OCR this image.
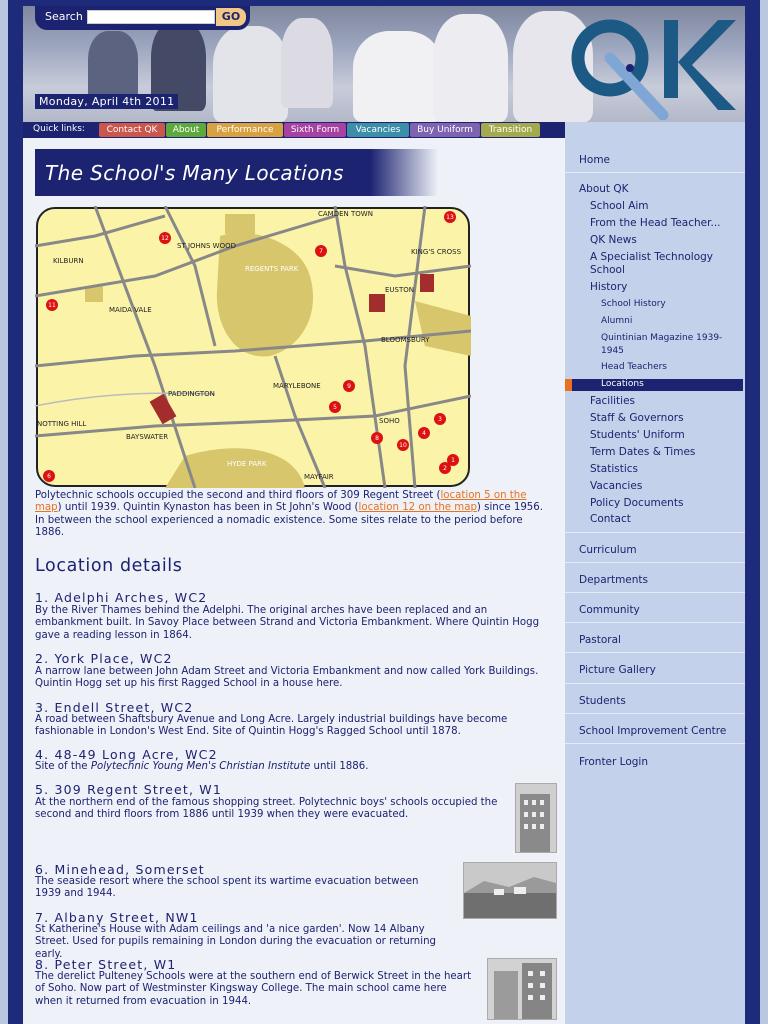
Search	GO
Monday, April 4th 2011
QK
Quick links:	Contact QK	About	Performance	Sixth Form	Vacancies	Buy Uniform	Transition
The School's Many Locations
CAMDEN TOWN
KILBURN
ST JOHNS WOOD
REGENTS PARK
KING'S CROSS
EUSTON
MAIDA VALE
BLOOMSBURY
PADDINGTON
MARYLEBONE
NOTTING HILL
BAYSWATER
SOHO
HYDE PARK
MAYFAIR
1
2
3
4
5
6
7
8
9
10
11
12
13
Polytechnic schools occupied the second and third floors of 309 Regent Street (location 5 on the map) until 1939. Quintin Kynaston has been in St John's Wood (location 12 on the map) since 1956. In between the school experienced a nomadic existence. Some sites relate to the period before 1886.
Location details
1. Adelphi Arches, WC2
By the River Thames behind the Adelphi. The original arches have been replaced and an embankment built. In Savoy Place between Strand and Victoria Embankment. Where Quintin Hogg gave a reading lesson in 1864.
2. York Place, WC2
A narrow lane between John Adam Street and Victoria Embankment and now called York Buildings. Quintin Hogg set up his first Ragged School in a house here.
3. Endell Street, WC2
A road between Shaftsbury Avenue and Long Acre. Largely industrial buildings have become fashionable in London's West End. Site of Quintin Hogg's Ragged School until 1878.
4. 48-49 Long Acre, WC2
Site of the Polytechnic Young Men's Christian Institute until 1886.
5. 309 Regent Street, W1
At the northern end of the famous shopping street. Polytechnic boys' schools occupied the second and third floors from 1886 until 1939 when they were evacuated.
6. Minehead, Somerset
The seaside resort where the school spent its wartime evacuation between 1939 and 1944.
7. Albany Street, NW1
St Katherine's House with Adam ceilings and 'a nice garden'. Now 14 Albany Street. Used for pupils remaining in London during the evacuation or returning early.
8. Peter Street, W1
The derelict Pulteney Schools were at the southern end of Berwick Street in the heart of Soho. Now part of Westminster Kingsway College. The main school came here when it returned from evacuation in 1944.
Home
About QK
School Aim
From the Head Teacher...
QK News
A Specialist Technology School
History
School History
Alumni
Quintinian Magazine 1939-1945
Head Teachers
Locations
Facilities
Staff & Governors
Students' Uniform
Term Dates & Times
Statistics
Vacancies
Policy Documents
Contact
Curriculum
Departments
Community
Pastoral
Picture Gallery
Students
School Improvement Centre
Fronter Login
